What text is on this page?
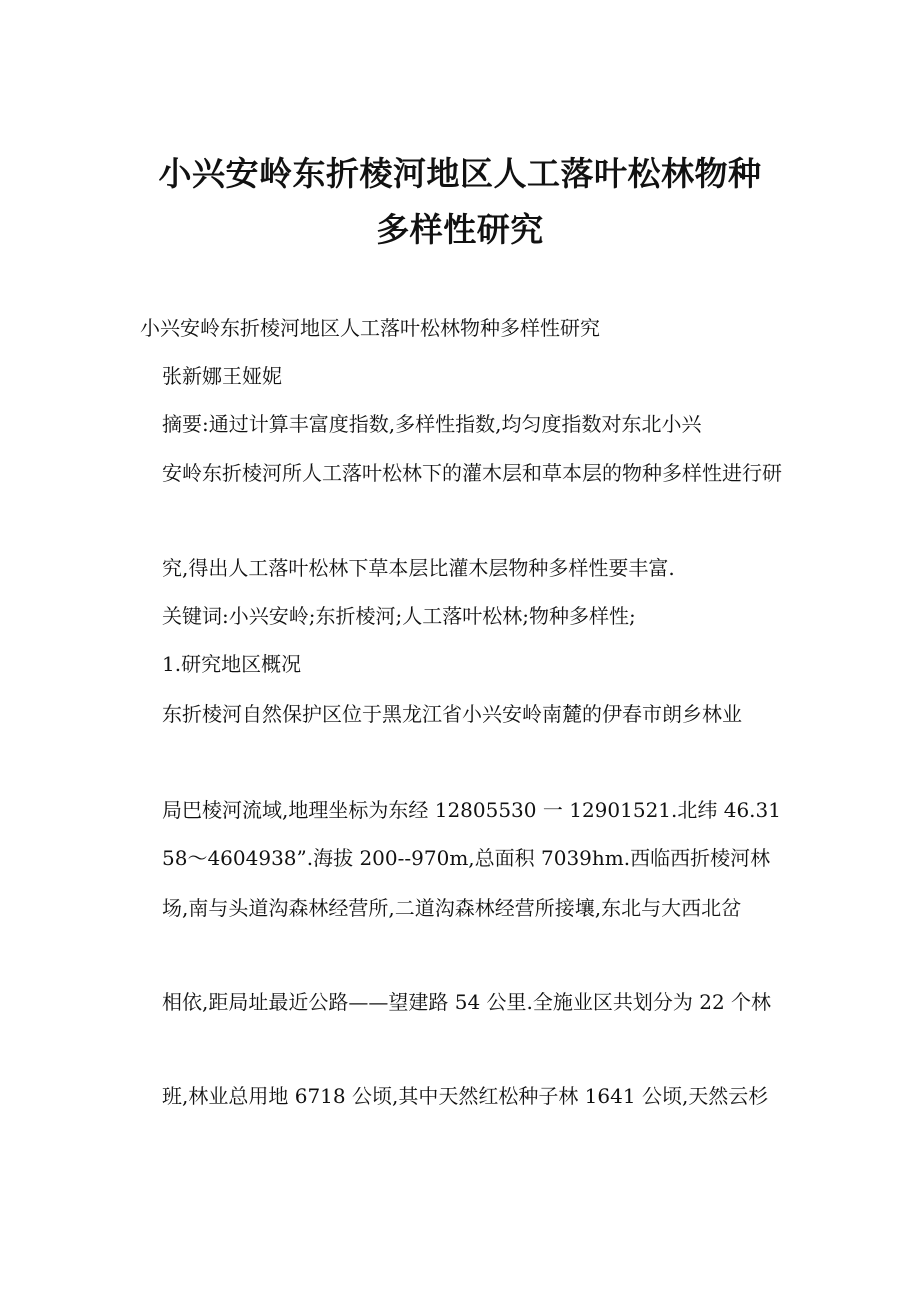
小兴安岭东折棱河地区人工落叶松林物种
多样性研究

小兴安岭东折棱河地区人工落叶松林物种多样性研究

张新娜王娅妮

摘要:通过计算丰富度指数,多样性指数,均匀度指数对东北小兴

安岭东折棱河所人工落叶松林下的灌木层和草本层的物种多样性进行研

究,得出人工落叶松林下草本层比灌木层物种多样性要丰富.

关键词:小兴安岭;东折棱河;人工落叶松林;物种多样性;

1.研究地区概况

东折棱河自然保护区位于黑龙江省小兴安岭南麓的伊春市朗乡林业

局巴棱河流域,地理坐标为东经 12805530 一 12901521.北纬 46.31

58～4604938”.海拔 200--970m,总面积 7039hm.西临西折棱河林

场,南与头道沟森林经营所,二道沟森林经营所接壤,东北与大西北岔

相依,距局址最近公路——望建路 54 公里.全施业区共划分为 22 个林

班,林业总用地 6718 公顷,其中天然红松种子林 1641 公顷,天然云杉
